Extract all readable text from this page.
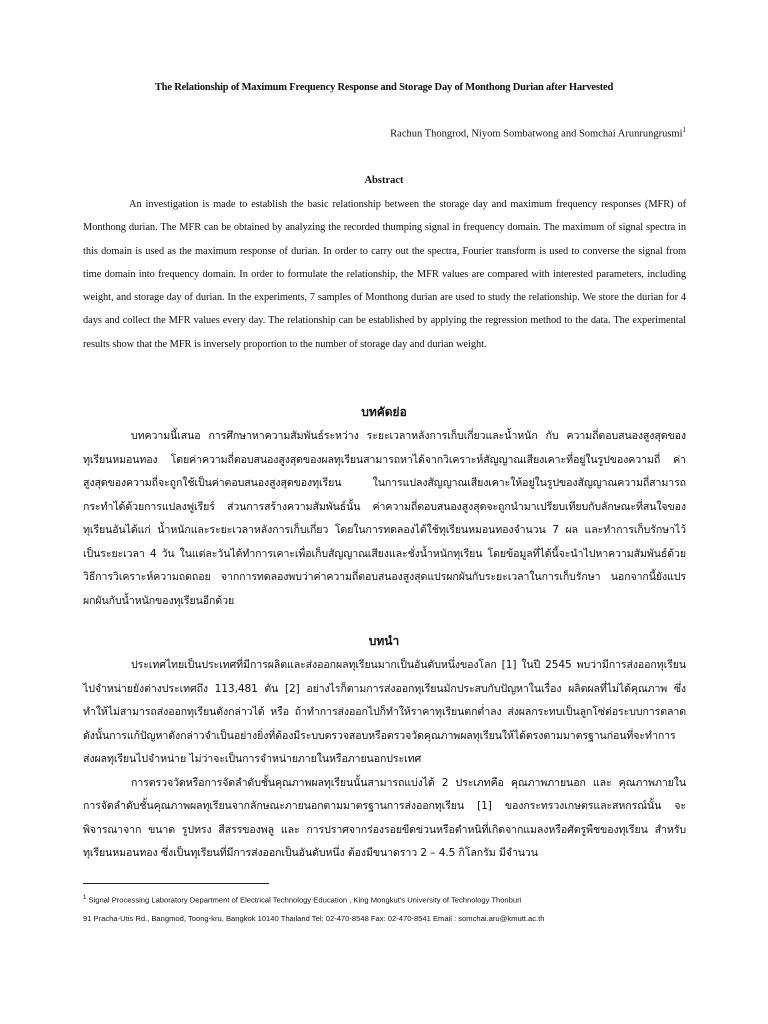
The Relationship of Maximum Frequency Response and Storage Day of Monthong Durian after Harvested
Rachun Thongrod, Niyom Sombatwong and Somchai Arunrungrusmi$^1$
Abstract
An investigation is made to establish the basic relationship between the storage day and maximum frequency responses (MFR) of Monthong durian. The MFR can be obtained by analyzing the recorded thumping signal in frequency domain. The maximum of signal spectra in this domain is used as the maximum response of durian. In order to carry out the spectra, Fourier transform is used to converse the signal from time domain into frequency domain. In order to formulate the relationship, the MFR values are compared with interested parameters, including weight, and storage day of durian. In the experiments, 7 samples of Monthong durian are used to study the relationship. We store the durian for 4 days and collect the MFR values every day. The relationship can be established by applying the regression method to the data. The experimental results show that the MFR is inversely proportion to the number of storage day and durian weight.
บทคัดย่อ

บทความนี้เสนอ การศึกษาหาความสัมพันธ์ระหว่าง ระยะเวลาหลังการเก็บเกี่ยวและน้ำหนัก กับ ความถี่ตอบสนองสูงสุดของทุเรียนหมอนทอง โดยค่าความถี่ตอบสนองสูงสุดของผลทุเรียนสามารถหาได้จากวิเคราะห์สัญญาณเสียงเคาะที่อยู่ในรูปของความถี่ ค่าสูงสุดของความถี่จะถูกใช้เป็นค่าตอบสนองสูงสุดของทุเรียน ในการแปลงสัญญาณเสียงเคาะให้อยู่ในรูปของสัญญาณความถี่สามารถกระทำได้ด้วยการแปลงฟูเรียร์ ส่วนการสร้างความสัมพันธ์นั้น ค่าความถี่ตอบสนองสูงสุดจะถูกนำมาเปรียบเทียบกับลักษณะที่สนใจของทุเรียนอันได้แก่ น้ำหนักและระยะเวลาหลังการเก็บเกี่ยว โดยในการทดลองได้ใช้ทุเรียนหมอนทองจำนวน 7 ผล และทำการเก็บรักษาไว้เป็นระยะเวลา 4 วัน ในแต่ละวันได้ทำการเคาะเพื่อเก็บสัญญาณเสียงและชั่งน้ำหนักทุเรียน โดยข้อมูลที่ได้นี้จะนำไปหาความสัมพันธ์ด้วยวิธีการวิเคราะห์ความถดถอย จากการทดลองพบว่าค่าความถี่ตอบสนองสูงสุดแปรผกผันกับระยะเวลาในการเก็บรักษา นอกจากนี้ยังแปรผกผันกับน้ำหนักของทุเรียนอีกด้วย

บทนำ

ประเทศไทยเป็นประเทศที่มีการผลิตและส่งออกผลทุเรียนมากเป็นอันดับหนึ่งของโลก [1] ในปี 2545 พบว่ามีการส่งออกทุเรียนไปจำหน่ายยังต่างประเทศถึง 113,481 ตัน [2] อย่างไรก็ตามการส่งออกทุเรียนมักประสบกับปัญหาในเรื่อง ผลิตผลที่ไม่ได้คุณภาพ ซึ่งทำให้ไม่สามารถส่งออกทุเรียนดังกล่าวได้ หรือ ถ้าทำการส่งออกไปก็ทำให้ราคาทุเรียนตกต่ำลง ส่งผลกระทบเป็นลูกโซ่ต่อระบบการตลาด ดังนั้นการแก้ปัญหาดังกล่าวจำเป็นอย่างยิ่งที่ต้องมีระบบตรวจสอบหรือตรวจวัดคุณภาพผลทุเรียนให้ได้ตรงตามมาตรฐานก่อนที่จะทำการส่งผลทุเรียนไปจำหน่าย ไม่ว่าจะเป็นการจำหน่ายภายในหรือภายนอกประเทศ

การตรวจวัดหรือการจัดลำดับชั้นคุณภาพผลทุเรียนนั้นสามารถแบ่งได้ 2 ประเภทคือ คุณภาพภายนอก และ คุณภาพภายใน การจัดลำดับชั้นคุณภาพผลทุเรียนจากลักษณะภายนอกตามมาตรฐานการส่งออกทุเรียน [1] ของกระทรวงเกษตรและสหกรณ์นั้น จะพิจารณาจาก ขนาด รูปทรง สีสรรของพลู และ การปราศจากร่องรอยขีดข่วนหรือตำหนิที่เกิดจากแมลงหรือศัตรูพืชของทุเรียน สำหรับทุเรียนหมอนทอง ซึ่งเป็นทุเรียนที่มีการส่งออกเป็นอันดับหนึ่ง ต้องมีขนาดราว 2 – 4.5 กิโลกรัม มีจำนวน

$^1$ Signal Processing Laboratory Department of Electrical Technology Education , King Mongkut's University of Technology Thonburi
91 Pracha-Utis Rd., Bangmod, Toong-kru, Bangkok 10140 Thailand Tel: 02-470-8548 Fax: 02-470-8541 Email : somchai.aru@kmutt.ac.th
